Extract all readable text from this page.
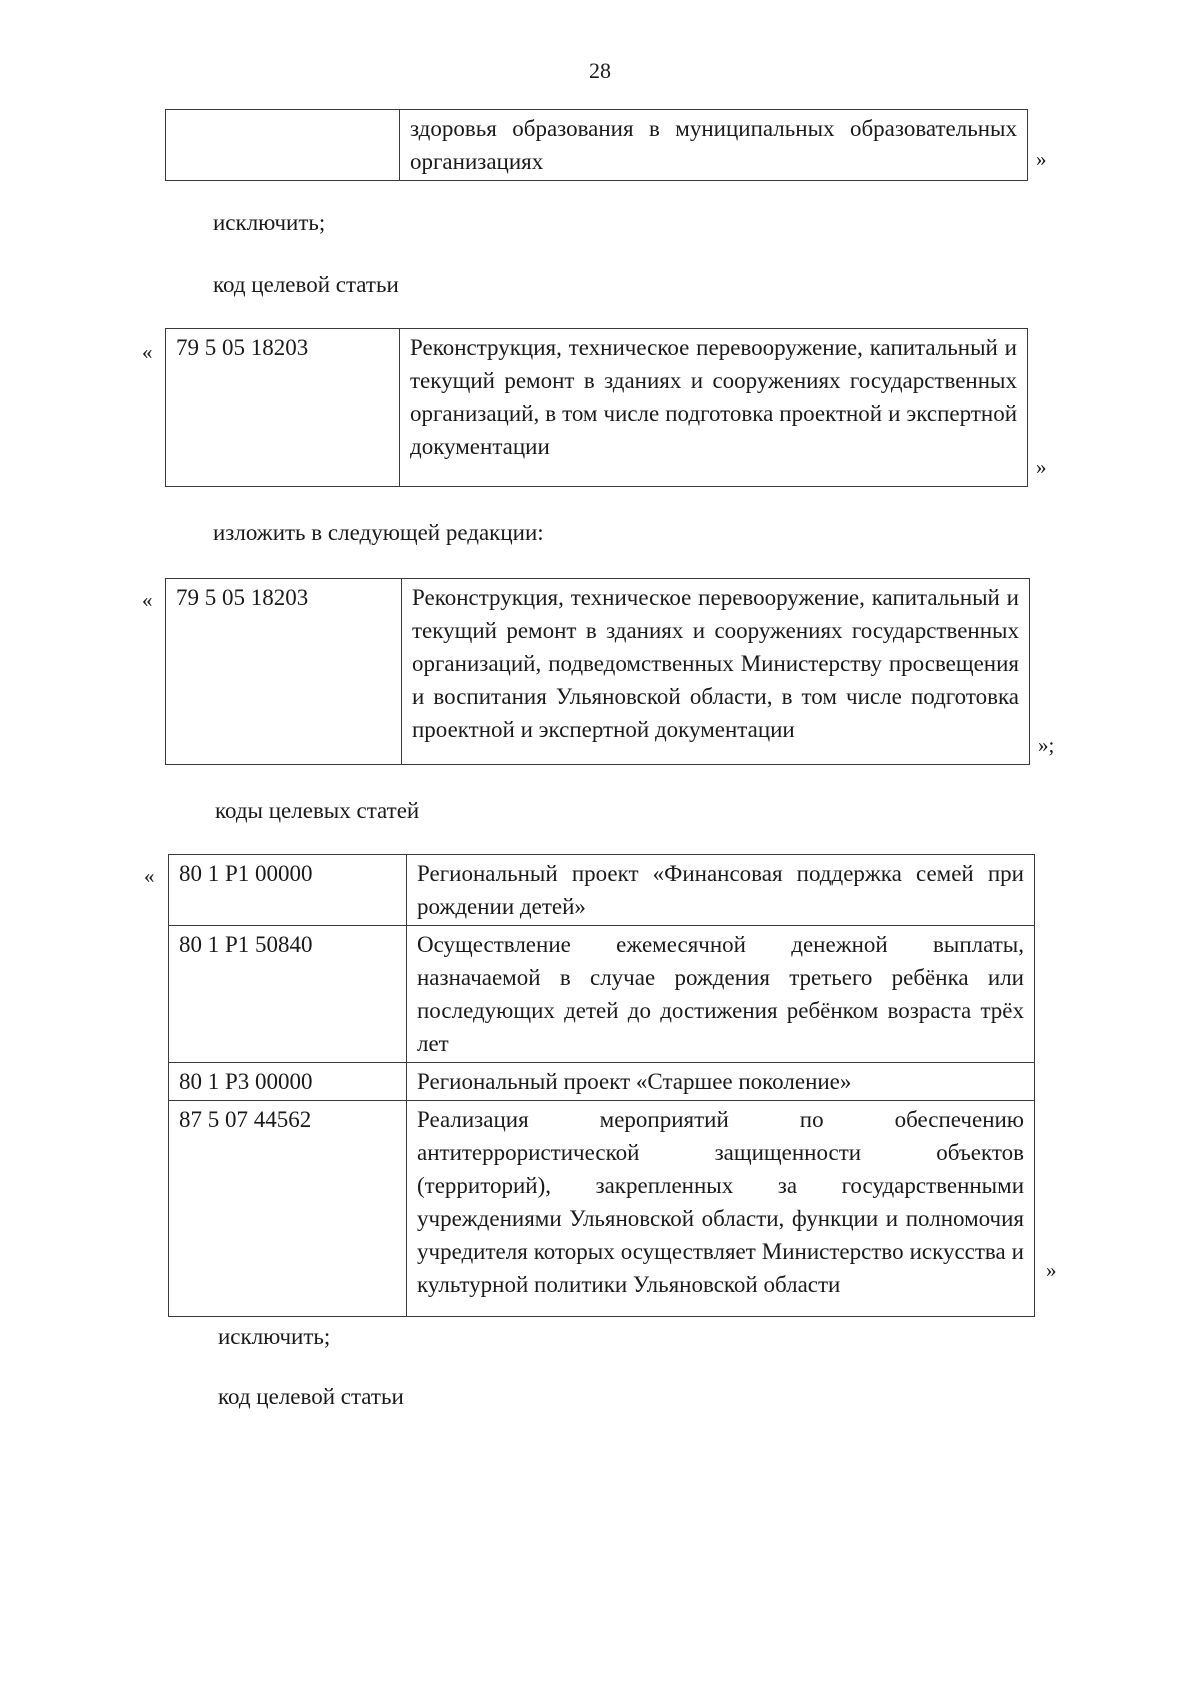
28
	здоровья образования в муниципальных образовательных организациях	»
исключить;
код целевой статьи
« 79 5 05 18203	Реконструкция, техническое перевооружение, капитальный и текущий ремонт в зданиях и сооружениях государственных организаций, в том числе подготовка проектной и экспертной документации
»
изложить в следующей редакции:
« 79 5 05 18203	Реконструкция, техническое перевооружение, капитальный и текущий ремонт в зданиях и сооружениях государственных организаций, подведомственных Министерству просвещения и воспитания Ульяновской области, в том числе подготовка проектной и экспертной документации
»;
коды целевых статей
« 80 1 P1 00000	Региональный проект «Финансовая поддержка семей при рождении детей»
80 1 P1 50840	Осуществление ежемесячной денежной выплаты, назначаемой в случае рождения третьего ребёнка или последующих детей до достижения ребёнком возраста трёх лет
80 1 P3 00000	Региональный проект «Старшее поколение»
87 5 07 44562	Реализация мероприятий по обеспечению антитеррористической защищенности объектов (территорий), закрепленных за государственными учреждениями Ульяновской области, функции и полномочия учредителя которых осуществляет Министерство искусства и культурной политики Ульяновской области
»
исключить;
код целевой статьи
